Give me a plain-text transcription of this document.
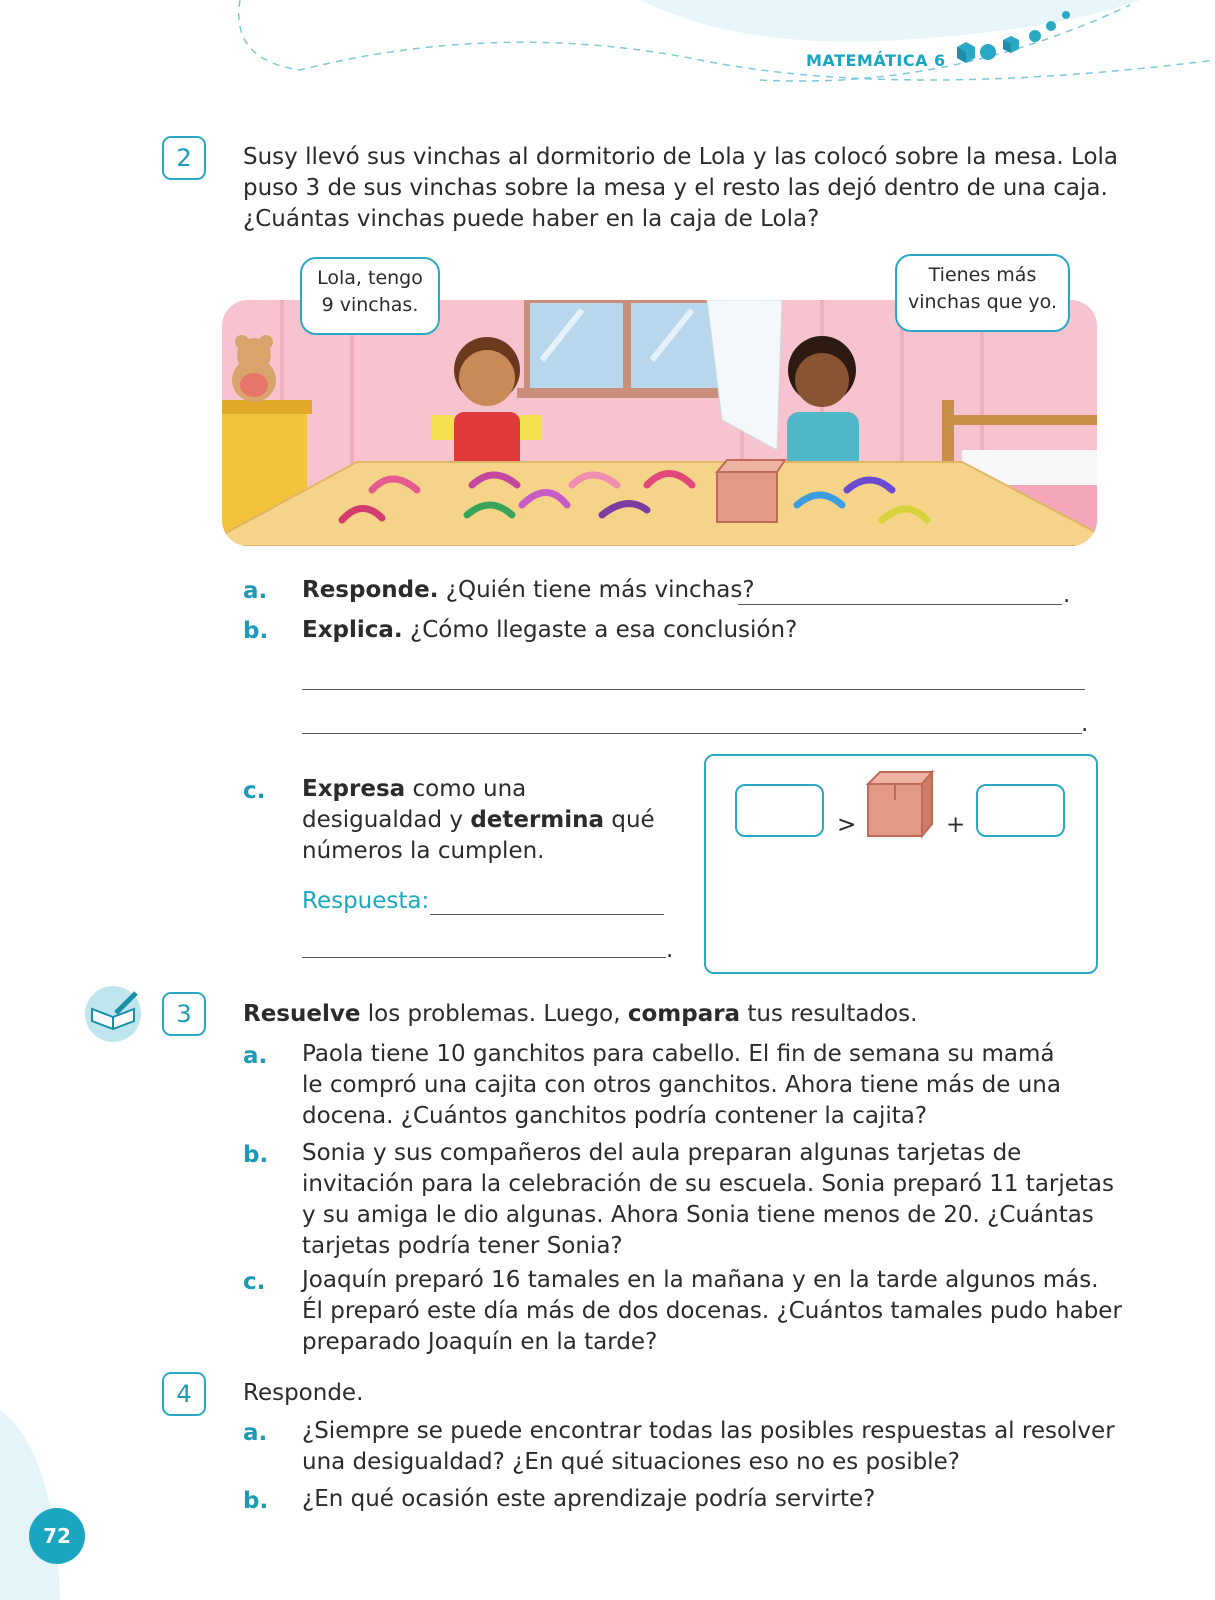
MATEMÁTICA 6
2	Susy llevó sus vinchas al dormitorio de Lola y las colocó sobre la mesa. Lola
puso 3 de sus vinchas sobre la mesa y el resto las dejó dentro de una caja.
¿Cuántas vinchas puede haber en la caja de Lola?
Lola, tengo
9 vinchas.
Tienes más
vinchas que yo.
a. Responde. ¿Quién tiene más vinchas?	.
b. Explica. ¿Cómo llegaste a esa conclusión?
.
c. Expresa como una
desigualdad y determina qué
números la cumplen.
Respuesta:
.
>	+
3	Resuelve los problemas. Luego, compara tus resultados.
a. Paola tiene 10 ganchitos para cabello. El fin de semana su mamá
le compró una cajita con otros ganchitos. Ahora tiene más de una
docena. ¿Cuántos ganchitos podría contener la cajita?
b. Sonia y sus compañeros del aula preparan algunas tarjetas de
invitación para la celebración de su escuela. Sonia preparó 11 tarjetas
y su amiga le dio algunas. Ahora Sonia tiene menos de 20. ¿Cuántas
tarjetas podría tener Sonia?
c. Joaquín preparó 16 tamales en la mañana y en la tarde algunos más.
Él preparó este día más de dos docenas. ¿Cuántos tamales pudo haber
preparado Joaquín en la tarde?
4	Responde.
a. ¿Siempre se puede encontrar todas las posibles respuestas al resolver
una desigualdad? ¿En qué situaciones eso no es posible?
b. ¿En qué ocasión este aprendizaje podría servirte?
72
